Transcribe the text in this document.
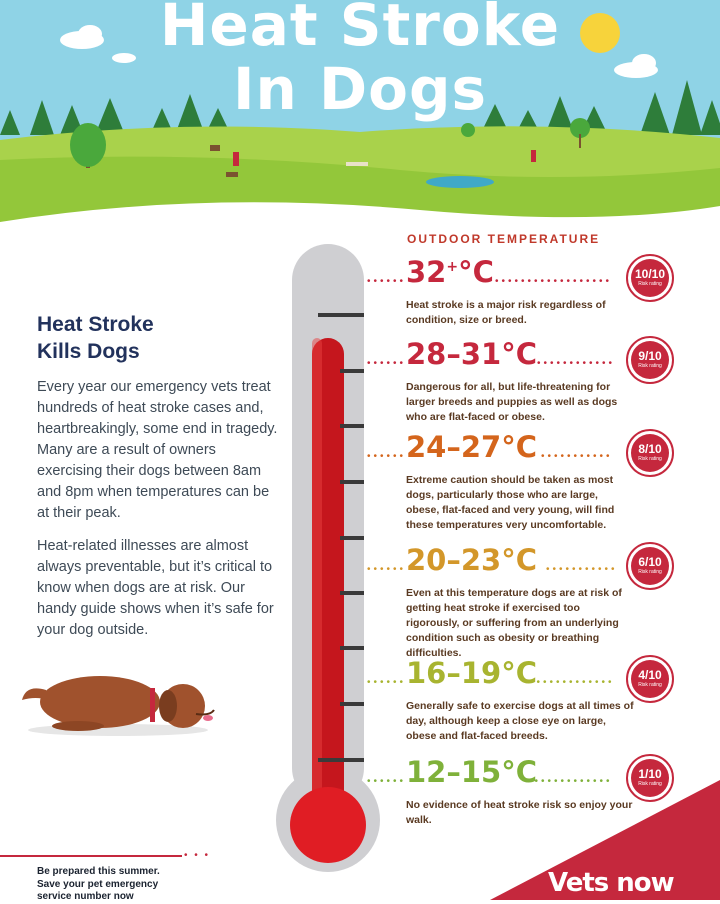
Heat Stroke
In Dogs
OUTDOOR TEMPERATURE
•••••• 32+°C ••••••••••••••••••

Heat stroke is a major risk regardless of condition, size or breed.

10/10
Risk rating
•••••• 28–31°C ••••••••••••

Dangerous for all, but life-threatening for larger breeds and puppies as well as dogs who are flat-faced or obese.

9/10
Risk rating
•••••• 24–27°C •••••••••••

Extreme caution should be taken as most dogs, particularly those who are large, obese, flat-faced and very young, will find these temperatures very uncomfortable.

8/10
Risk rating
•••••• 20–23°C •••••••••••

Even at this temperature dogs are at risk of getting heat stroke if exercised too rigorously, or suffering from an underlying condition such as obesity or breathing difficulties.

6/10
Risk rating
•••••• 16–19°C
•••••••••••••

Generally safe to exercise dogs at all times of day, although keep a close eye on large, obese and flat-faced breeds.

4/10
Risk rating
•••••• 12–15°C
•••••••••••••

No evidence of heat stroke risk so enjoy your walk.

1/10
Risk rating
Heat Stroke
Kills Dogs

Every year our emergency vets treat hundreds of heat stroke cases and, heartbreakingly, some end in tragedy. Many are a result of owners exercising their dogs between 8am and 8pm when temperatures can be at their peak.

Heat-related illnesses are almost always preventable, but it’s critical to know when dogs are at risk. Our handy guide shows when it’s safe for your dog outside.

• • •
Be prepared this summer.
Save your pet emergency
service number now	Vets now
